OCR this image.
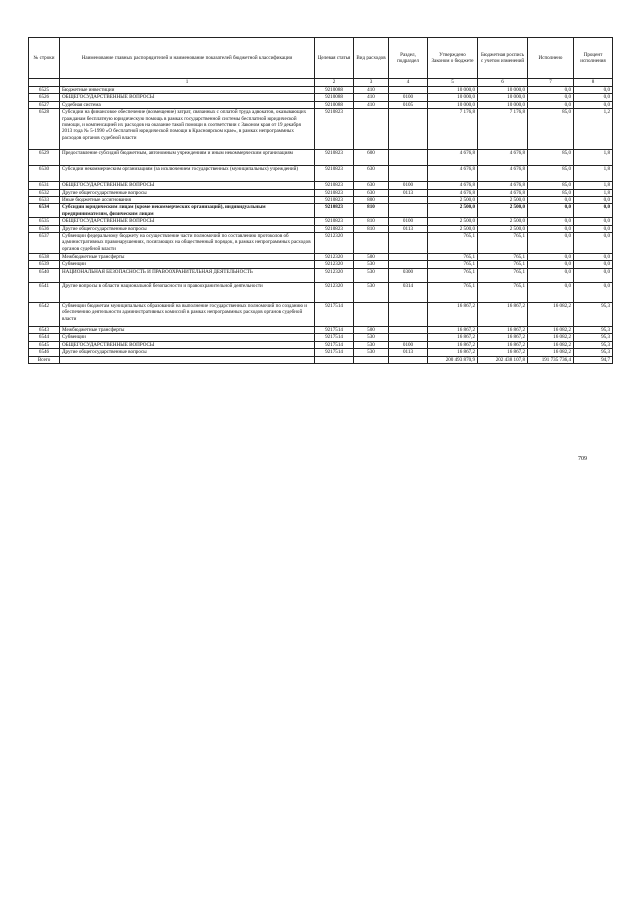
№ строки	Наименование главных распорядителей и наименование показателей бюджетной классификации	Целевая статья	Вид расходов	Раздел, подраздел	Утверждено Законом о бюджете	Бюджетная роспись с учетом изменений	Исполнено	Процент исполнения
	1	2	3	4	5	6	7	8
6525	Бюджетные инвестиции	9210088	410		10 000,0	10 000,0	0,0	0,0
6526	ОБЩЕГОСУДАРСТВЕННЫЕ ВОПРОСЫ	9210088	410	0100	10 000,0	10 000,0	0,0	0,0
6527	Судебная система	9210088	410	0105	10 000,0	10 000,0	0,0	0,0
6528	Субсидии на финансовое обеспечение (возмещение) затрат, связанных с оплатой труда адвокатов, оказывающих гражданам бесплатную юридическую помощь в рамках государственной системы бесплатной юридической помощи, и компенсацией их расходов на оказание такой помощи в соответствии с Законом края от 19 декабря 2013 года № 5-1990 «О бесплатной юридической помощи в Красноярском крае», в рамках непрограммных расходов органов судебной власти	9210823			7 176,8	7 176,8	85,0	1,2
6529	Предоставление субсидий бюджетным, автономным учреждениям и иным некоммерческим организациям	9210823	600		4 676,8	4 676,8	85,0	1,8
6530	Субсидии некоммерческим организациям (за исключением государственных (муниципальных) учреждений)	9210823	630		4 676,8	4 676,8	85,0	1,8
6531	ОБЩЕГОСУДАРСТВЕННЫЕ ВОПРОСЫ	9210823	630	0100	4 676,8	4 676,8	85,0	1,8
6532	Другие общегосударственные вопросы	9210823	630	0113	4 676,8	4 676,8	85,0	1,8
6533	Иные бюджетные ассигнования	9210823	800		2 500,0	2 500,0	0,0	0,0
6534	Субсидии юридическим лицам (кроме некоммерческих организаций), индивидуальным предпринимателям, физическим лицам	9210823	810		2 500,0	2 500,0	0,0	0,0
6535	ОБЩЕГОСУДАРСТВЕННЫЕ ВОПРОСЫ	9210823	810	0100	2 500,0	2 500,0	0,0	0,0
6536	Другие общегосударственные вопросы	9210823	810	0113	2 500,0	2 500,0	0,0	0,0
6537	Субвенции федеральному бюджету на осуществление части полномочий по составлению протоколов об административных правонарушениях, посягающих на общественный порядок, в рамках непрограммных расходов органов судебной власти	9212320			765,1	765,1	0,0	0,0
6538	Межбюджетные трансферты	9212320	500		765,1	765,1	0,0	0,0
6539	Субвенции	9212320	530		765,1	765,1	0,0	0,0
6540	НАЦИОНАЛЬНАЯ БЕЗОПАСНОСТЬ И ПРАВООХРАНИТЕЛЬНАЯ ДЕЯТЕЛЬНОСТЬ	9212320	530	0300	765,1	765,1	0,0	0,0
6541	Другие вопросы в области национальной безопасности и правоохранительной деятельности	9212320	530	0314	765,1	765,1	0,0	0,0
6542	Субвенции бюджетам муниципальных образований на выполнение государственных полномочий по созданию и обеспечению деятельности административных комиссий в рамках непрограммных расходов органов судебной власти	9217514			16 867,2	16 867,2	16 082,2	95,3
6543	Межбюджетные трансферты	9217514	500		16 867,2	16 867,2	16 082,2	95,3
6544	Субвенции	9217514	530		16 867,2	16 867,2	16 082,2	95,3
6545	ОБЩЕГОСУДАРСТВЕННЫЕ ВОПРОСЫ	9217514	530	0100	16 867,2	16 867,2	16 082,2	95,3
6546	Другие общегосударственные вопросы	9217514	530	0113	16 867,2	16 867,2	16 082,2	95,3
Всего					200 493 870,9	202 438 107,8	191 735 736,4	94,7
709
